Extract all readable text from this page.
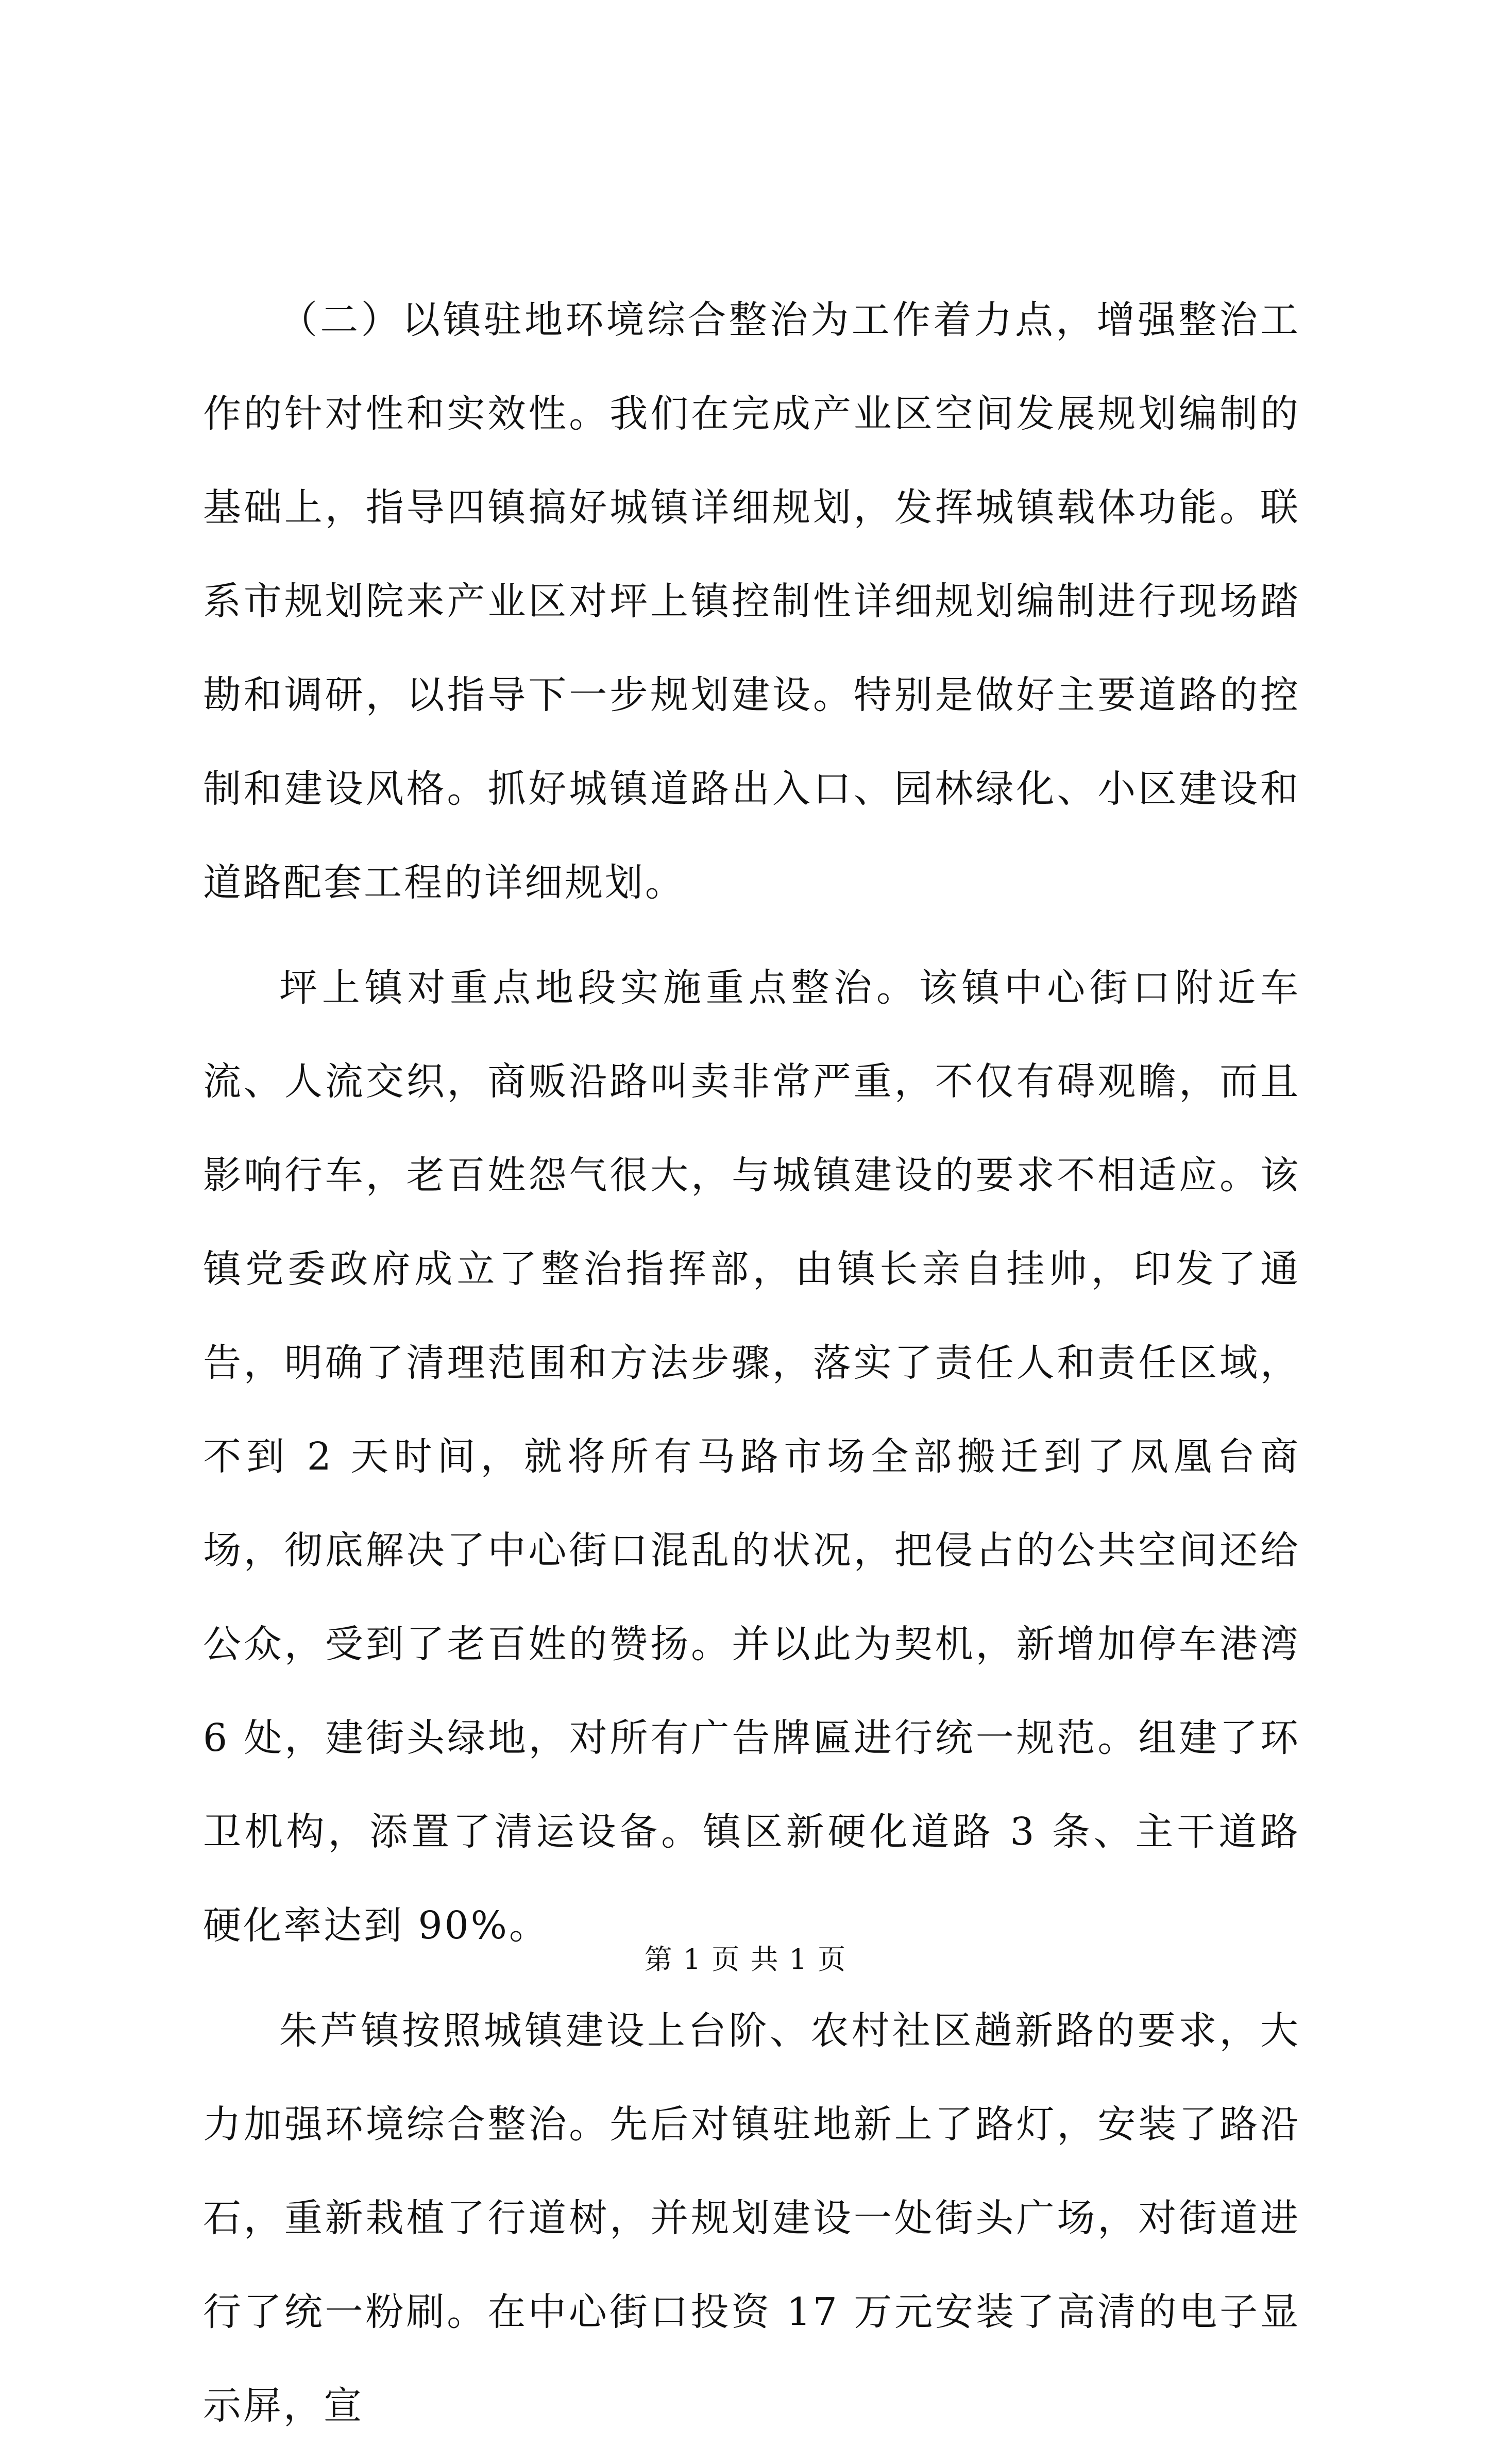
（二）以镇驻地环境综合整治为工作着力点，增强整治工作的针对性和实效性。我们在完成产业区空间发展规划编制的基础上，指导四镇搞好城镇详细规划，发挥城镇载体功能。联系市规划院来产业区对坪上镇控制性详细规划编制进行现场踏勘和调研，以指导下一步规划建设。特别是做好主要道路的控制和建设风格。抓好城镇道路出入口、园林绿化、小区建设和道路配套工程的详细规划。

坪上镇对重点地段实施重点整治。该镇中心街口附近车流、人流交织，商贩沿路叫卖非常严重，不仅有碍观瞻，而且影响行车，老百姓怨气很大，与城镇建设的要求不相适应。该镇党委政府成立了整治指挥部，由镇长亲自挂帅，印发了通告，明确了清理范围和方法步骤，落实了责任人和责任区域，不到 2 天时间，就将所有马路市场全部搬迁到了凤凰台商场，彻底解决了中心街口混乱的状况，把侵占的公共空间还给公众，受到了老百姓的赞扬。并以此为契机，新增加停车港湾 6 处，建街头绿地，对所有广告牌匾进行统一规范。组建了环卫机构，添置了清运设备。镇区新硬化道路 3 条、主干道路硬化率达到 90%。

朱芦镇按照城镇建设上台阶、农村社区趟新路的要求，大力加强环境综合整治。先后对镇驻地新上了路灯，安装了路沿石，重新栽植了行道树，并规划建设一处街头广场，对街道进行了统一粉刷。在中心街口投资 17 万元安装了高清的电子显示屏，宣

第 1 页 共 1 页
